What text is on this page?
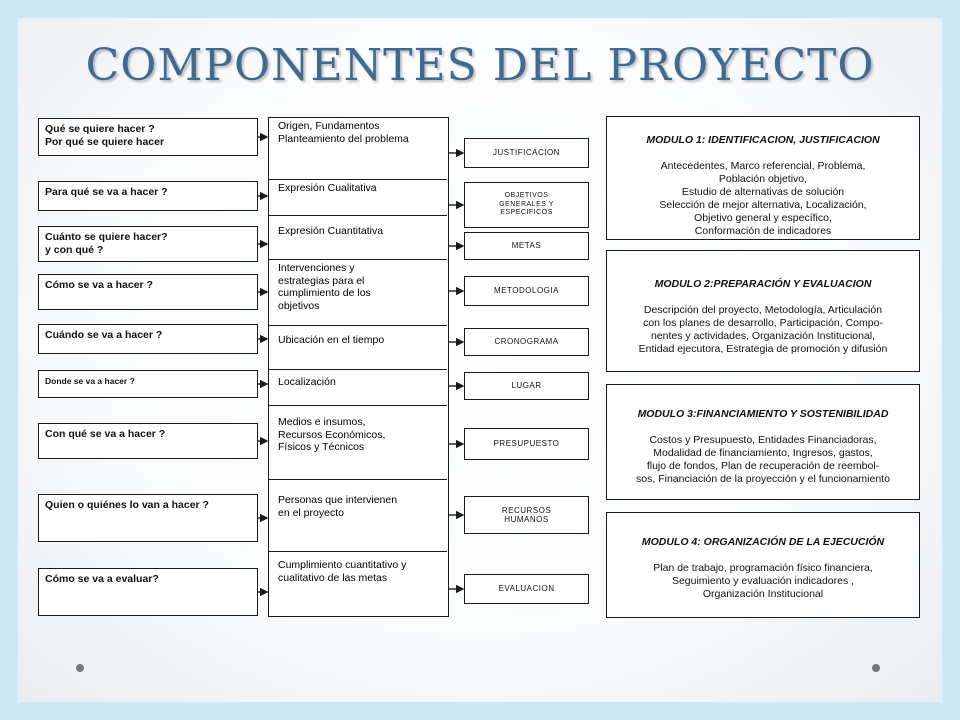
COMPONENTES DEL PROYECTO
Qué se quiere hacer ?
Por qué se quiere hacer
Para qué se va a hacer ?
Cuánto se quiere hacer?
y con qué ?
Cómo se va a hacer ?
Cuándo se va a hacer ?
Donde se va a hacer ?
Con qué se va a hacer ?
Quien o quiénes lo van a hacer ?
Cómo se va a evaluar?
Origen, Fundamentos
Planteamiento del problema
Expresión Cualitativa
Expresión Cuantitativa
Intervenciones y
estrategias para el
cumplimiento de los
objetivos
Ubicación en el tiempo
Localización
Medios e insumos,
Recursos Económicos,
Físicos y Técnicos
Personas que intervienen
en el proyecto
Cumplimiento cuantitativo y
cualitativo de las metas
JUSTIFICACION
OBJETIVOS
GENERALES Y
ESPECIFICOS
METAS
METODOLOGIA
CRONOGRAMA
LUGAR
PRESUPUESTO
RECURSOS
HUMANOS
EVALUACION

MODULO 1: IDENTIFICACION, JUSTIFICACION

Antecedentes, Marco referencial, Problema,
Población objetivo,
Estudio de alternativas de solución
Selección de mejor alternativa, Localización,
Objetivo general y específico,
Conformación de indicadores

MODULO 2:PREPARACIÓN Y EVALUACION

Descripción del proyecto, Metodología, Articulación
con los planes de desarrollo, Participación, Compo-
nentes y actividades, Organización Institucional,
Entidad ejecutora, Estrategia de promoción y difusión

MODULO 3:FINANCIAMIENTO Y SOSTENIBILIDAD

Costos y Presupuesto, Entidades Financiadoras,
Modalidad de financiamiento, Ingresos, gastos,
flujo de fondos, Plan de recuperación de reembol-
sos, Financiación de la proyección y el funcionamiento

MODULO 4: ORGANIZACIÓN DE LA EJECUCIÓN

Plan de trabajo, programación físico financiera,
Seguimiento y evaluación indicadores ,
Organización Institucional
